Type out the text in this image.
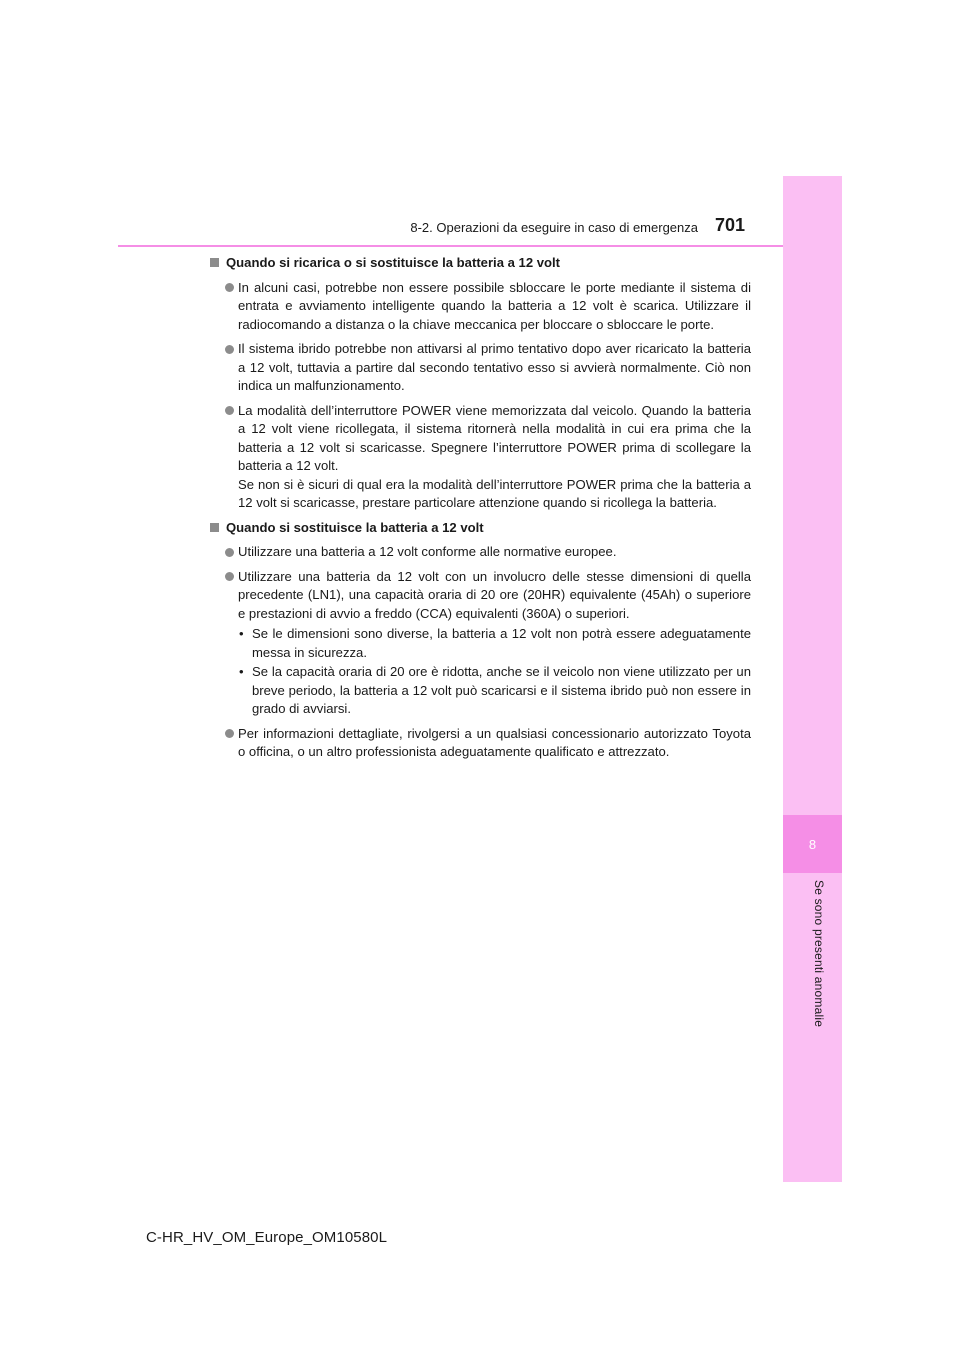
8
Se sono presenti anomalie
8-2. Operazioni da eseguire in caso di emergenza 701
Quando si ricarica o si sostituisce la batteria a 12 volt
In alcuni casi, potrebbe non essere possibile sbloccare le porte mediante il sistema di entrata e avviamento intelligente quando la batteria a 12 volt è scarica. Utilizzare il radiocomando a distanza o la chiave meccanica per bloccare o sbloccare le porte.
Il sistema ibrido potrebbe non attivarsi al primo tentativo dopo aver ricaricato la batteria a 12 volt, tuttavia a partire dal secondo tentativo esso si avvierà normalmente. Ciò non indica un malfunzionamento.
La modalità dell’interruttore POWER viene memorizzata dal veicolo. Quando la batteria a 12 volt viene ricollegata, il sistema ritornerà nella modalità in cui era prima che la batteria a 12 volt si scaricasse. Spegnere l’interruttore POWER prima di scollegare la batteria a 12 volt.
Se non si è sicuri di qual era la modalità dell’interruttore POWER prima che la batteria a 12 volt si scaricasse, prestare particolare attenzione quando si ricollega la batteria.
Quando si sostituisce la batteria a 12 volt
Utilizzare una batteria a 12 volt conforme alle normative europee.
Utilizzare una batteria da 12 volt con un involucro delle stesse dimensioni di quella precedente (LN1), una capacità oraria di 20 ore (20HR) equivalente (45Ah) o superiore e prestazioni di avvio a freddo (CCA) equivalenti (360A) o superiori.
• Se le dimensioni sono diverse, la batteria a 12 volt non potrà essere adeguatamente messa in sicurezza.
• Se la capacità oraria di 20 ore è ridotta, anche se il veicolo non viene utilizzato per un breve periodo, la batteria a 12 volt può scaricarsi e il sistema ibrido può non essere in grado di avviarsi.
Per informazioni dettagliate, rivolgersi a un qualsiasi concessionario autorizzato Toyota o officina, o un altro professionista adeguatamente qualificato e attrezzato.
C-HR_HV_OM_Europe_OM10580L
